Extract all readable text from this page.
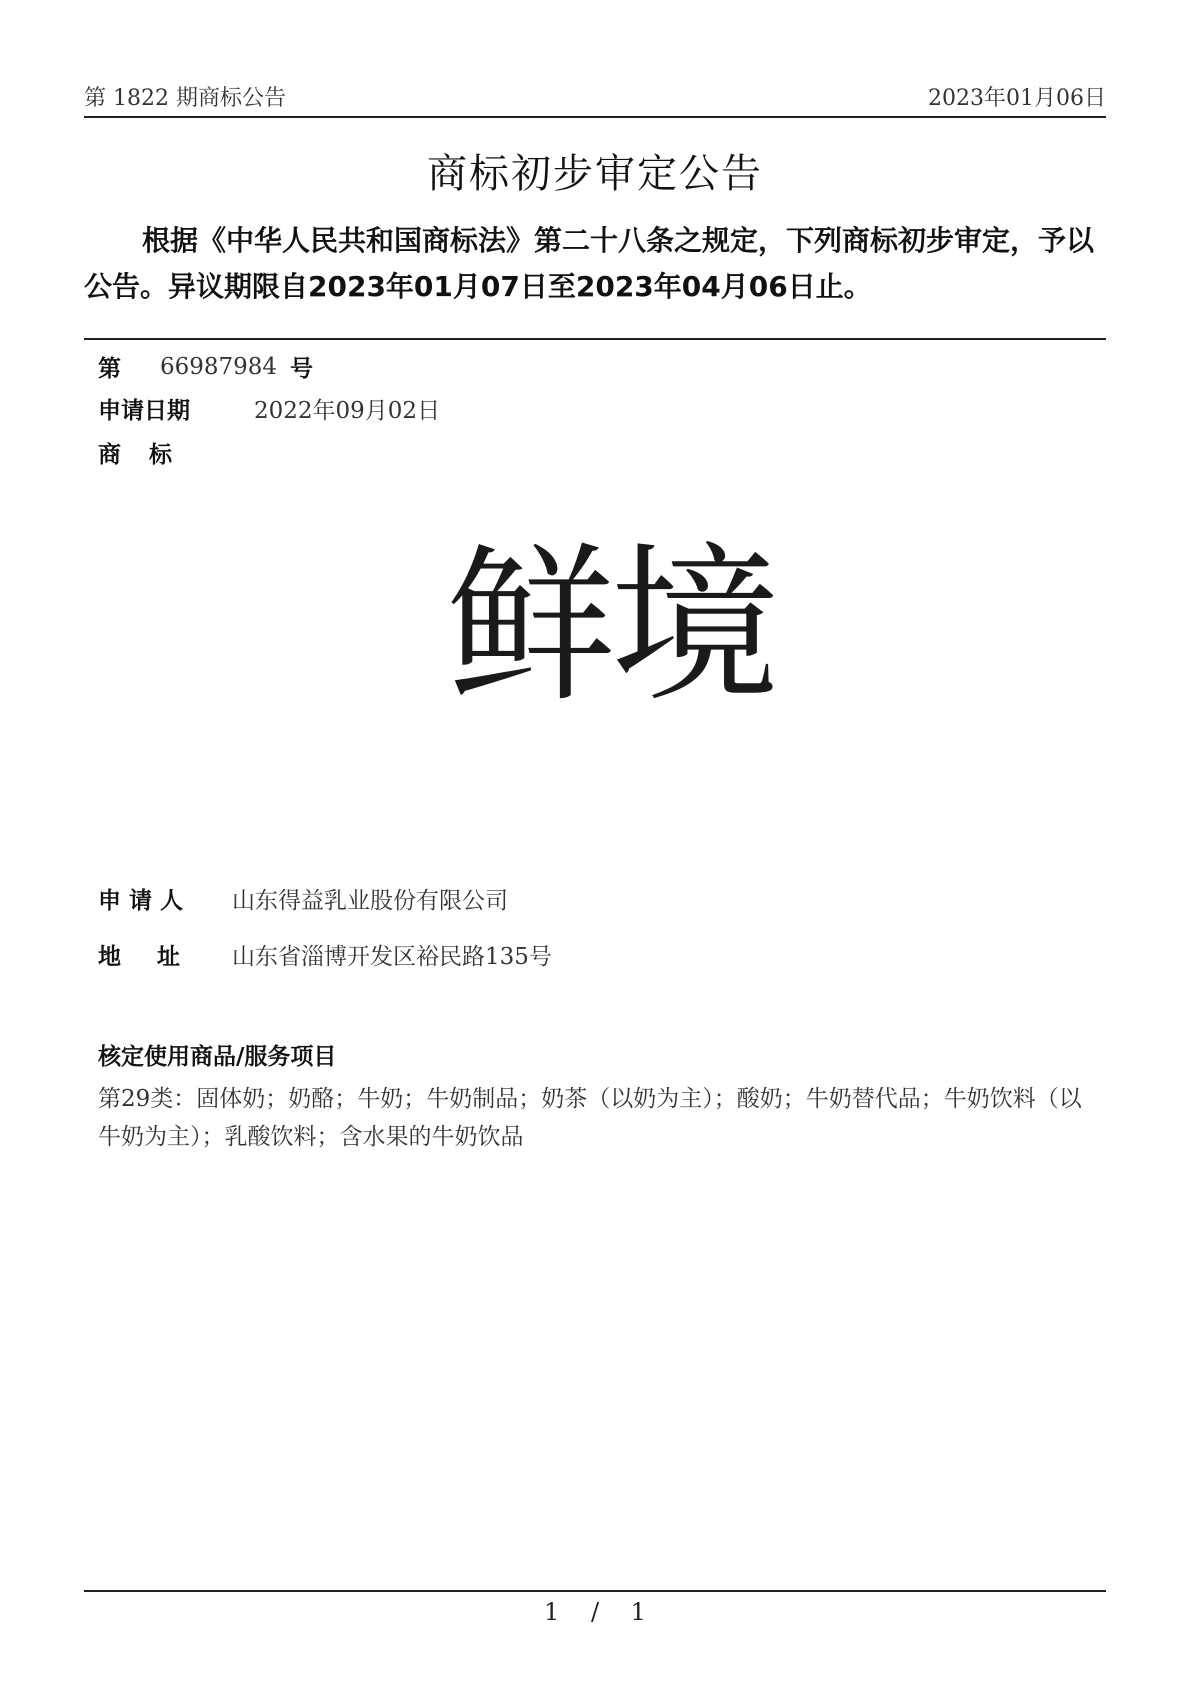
第 1822 期商标公告	2023年01月06日
商标初步审定公告
根据《中华人民共和国商标法》第二十八条之规定，下列商标初步审定，予以公告。异议期限自2023年01月07日至2023年04月06日止。
第	66987984 号
申请日期	2022年09月02日
商标
鲜境
申请人	山东得益乳业股份有限公司
地址 山东省淄博开发区裕民路135号
核定使用商品/服务项目
第29类：固体奶；奶酪；牛奶；牛奶制品；奶茶（以奶为主）；酸奶；牛奶替代品；牛奶饮料（以牛奶为主）；乳酸饮料；含水果的牛奶饮品
1 / 1
